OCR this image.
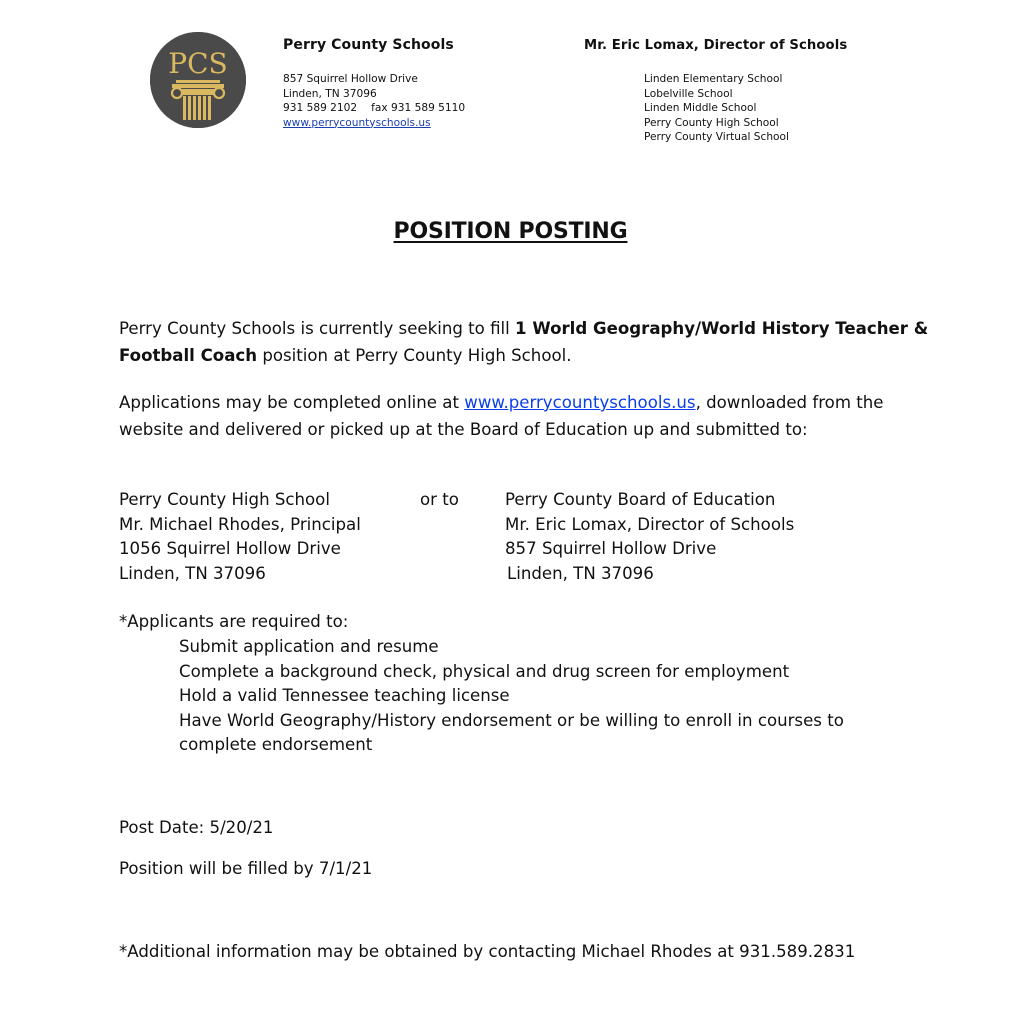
PCS
Perry County Schools
857 Squirrel Hollow Drive
Linden, TN 37096
931 589 2102 fax 931 589 5110
www.perrycountyschools.us
Mr. Eric Lomax, Director of Schools
Linden Elementary School
Lobelville School
Linden Middle School
Perry County High School
Perry County Virtual School
POSITION POSTING
Perry County Schools is currently seeking to fill 1 World Geography/World History Teacher &
Football Coach position at Perry County High School.
Applications may be completed online at www.perrycountyschools.us, downloaded from the
website and delivered or picked up at the Board of Education up and submitted to:
Perry County High School
Mr. Michael Rhodes, Principal
1056 Squirrel Hollow Drive
Linden, TN 37096
or to	Perry County Board of Education
Mr. Eric Lomax, Director of Schools
857 Squirrel Hollow Drive
Linden, TN 37096
*Applicants are required to:
Submit application and resume
Complete a background check, physical and drug screen for employment
Hold a valid Tennessee teaching license
Have World Geography/History endorsement or be willing to enroll in courses to
complete endorsement
Post Date: 5/20/21
Position will be filled by 7/1/21
*Additional information may be obtained by contacting Michael Rhodes at 931.589.2831
